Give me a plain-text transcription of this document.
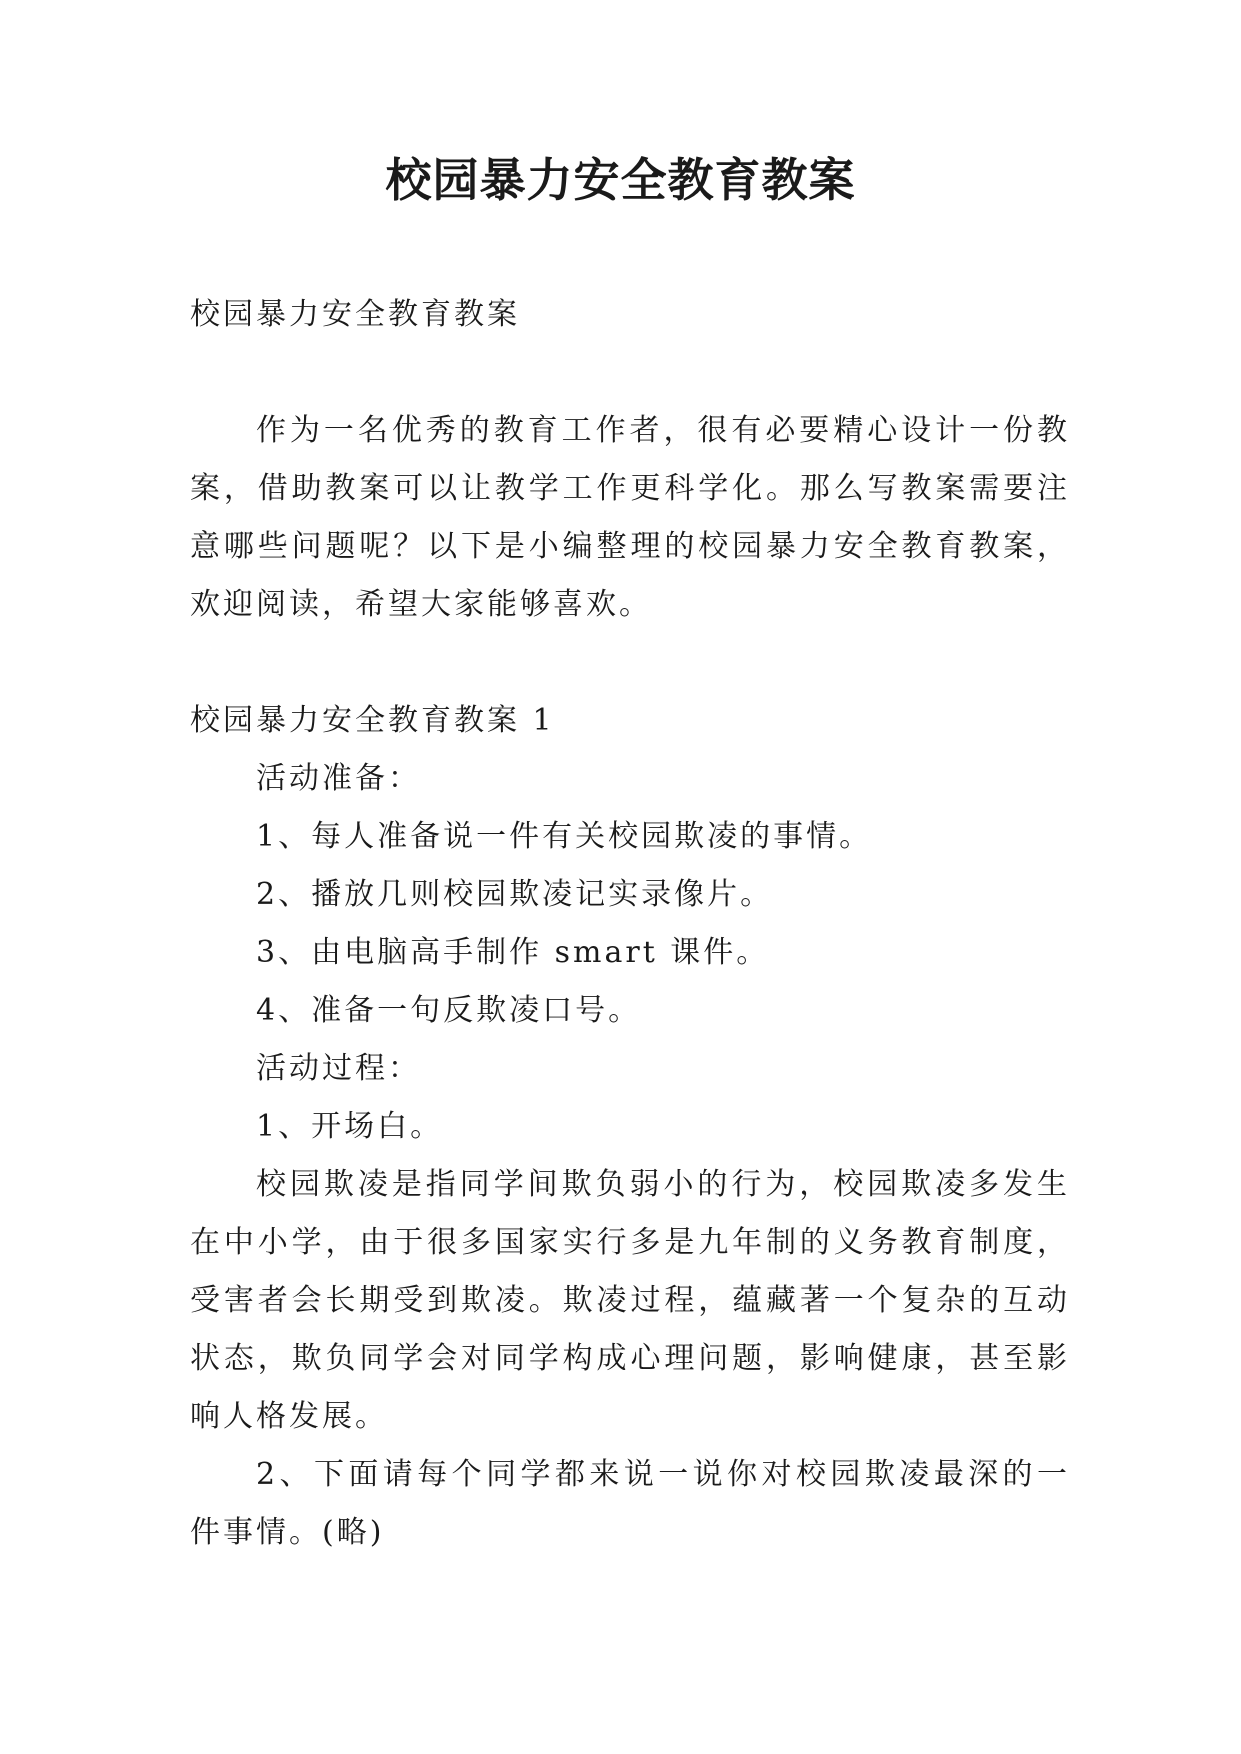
校园暴力安全教育教案

校园暴力安全教育教案

作为一名优秀的教育工作者，很有必要精心设计一份教案，借助教案可以让教学工作更科学化。那么写教案需要注意哪些问题呢？以下是小编整理的校园暴力安全教育教案，欢迎阅读，希望大家能够喜欢。

校园暴力安全教育教案 1

活动准备：

1、每人准备说一件有关校园欺凌的事情。

2、播放几则校园欺凌记实录像片。

3、由电脑高手制作 smart 课件。

4、准备一句反欺凌口号。

活动过程：

1、开场白。

校园欺凌是指同学间欺负弱小的行为，校园欺凌多发生在中小学，由于很多国家实行多是九年制的义务教育制度，受害者会长期受到欺凌。欺凌过程，蕴藏著一个复杂的互动状态，欺负同学会对同学构成心理问题，影响健康，甚至影响人格发展。

2、下面请每个同学都来说一说你对校园欺凌最深的一件事情。(略)
